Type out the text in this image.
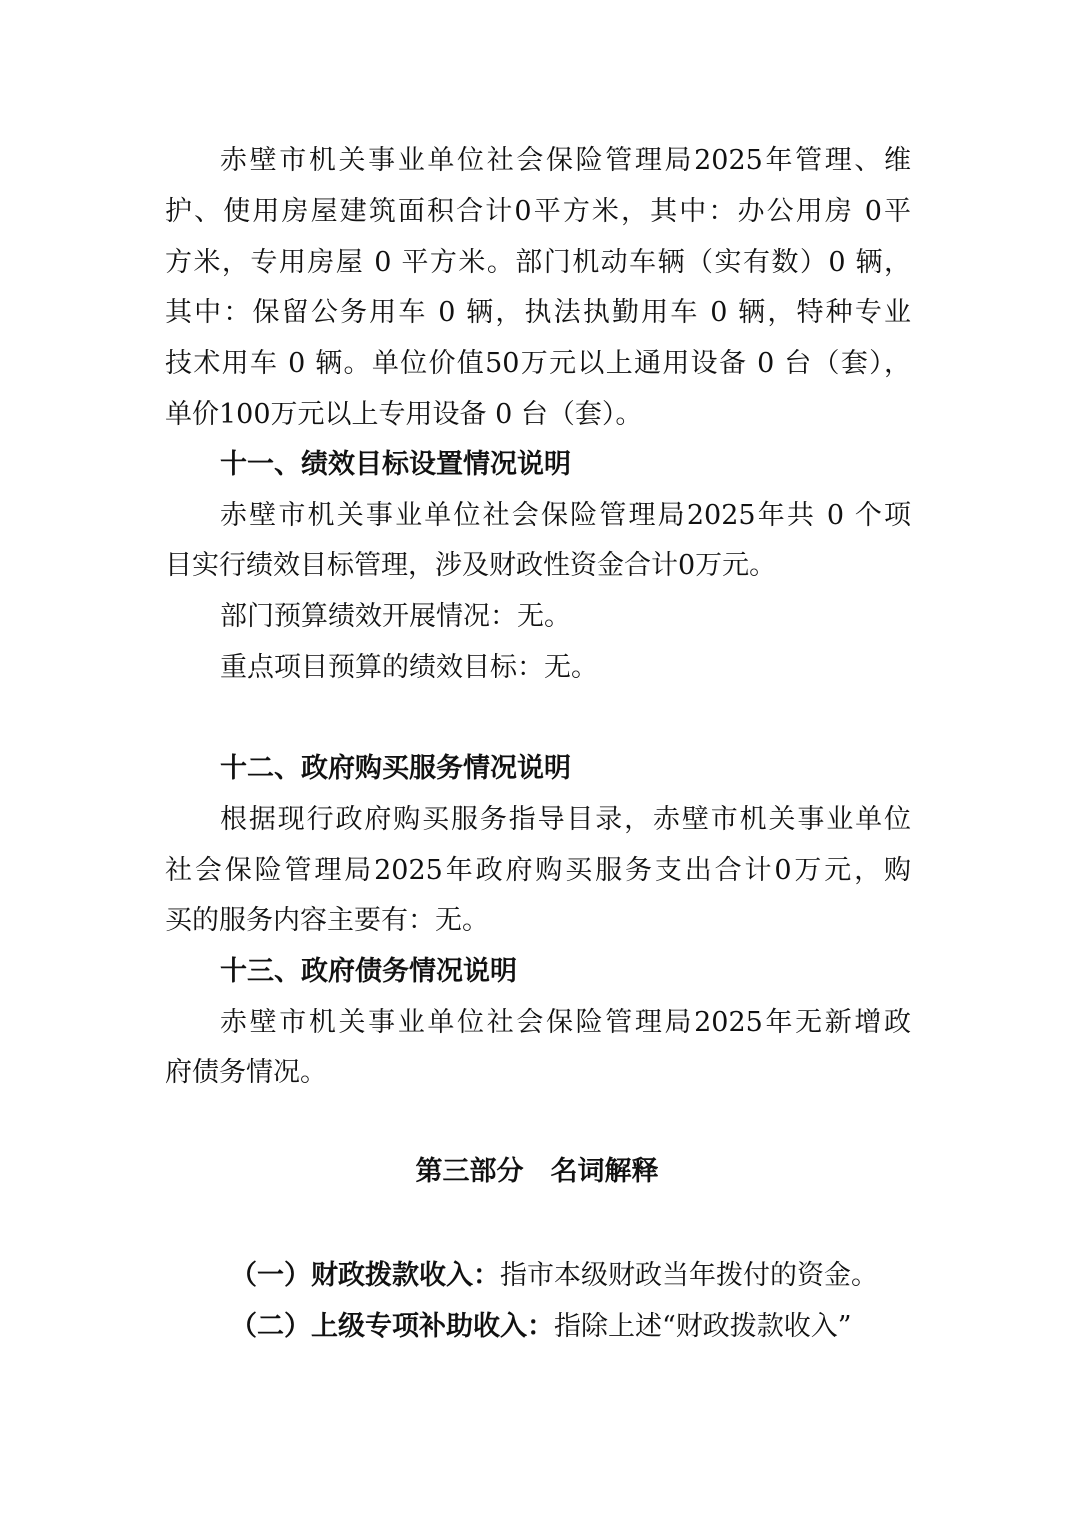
赤壁市机关事业单位社会保险管理局2025年管理、维
护、使用房屋建筑面积合计0平方米，其中：办公用房 0平
方米，专用房屋 0 平方米。部门机动车辆（实有数）0 辆，
其中：保留公务用车 0 辆，执法执勤用车 0 辆，特种专业
技术用车 0 辆。单位价值50万元以上通用设备 0 台（套），
单价100万元以上专用设备 0 台（套）。
十一、绩效目标设置情况说明
赤壁市机关事业单位社会保险管理局2025年共 0 个项
目实行绩效目标管理，涉及财政性资金合计0万元。
部门预算绩效开展情况：无。
重点项目预算的绩效目标：无。
十二、政府购买服务情况说明
根据现行政府购买服务指导目录，赤壁市机关事业单位
社会保险管理局2025年政府购买服务支出合计0万元，购
买的服务内容主要有：无。
十三、政府债务情况说明
赤壁市机关事业单位社会保险管理局2025年无新增政
府债务情况。
第三部分　名词解释
（一）财政拨款收入：指市本级财政当年拨付的资金。
（二）上级专项补助收入：指除上述“财政拨款收入”
